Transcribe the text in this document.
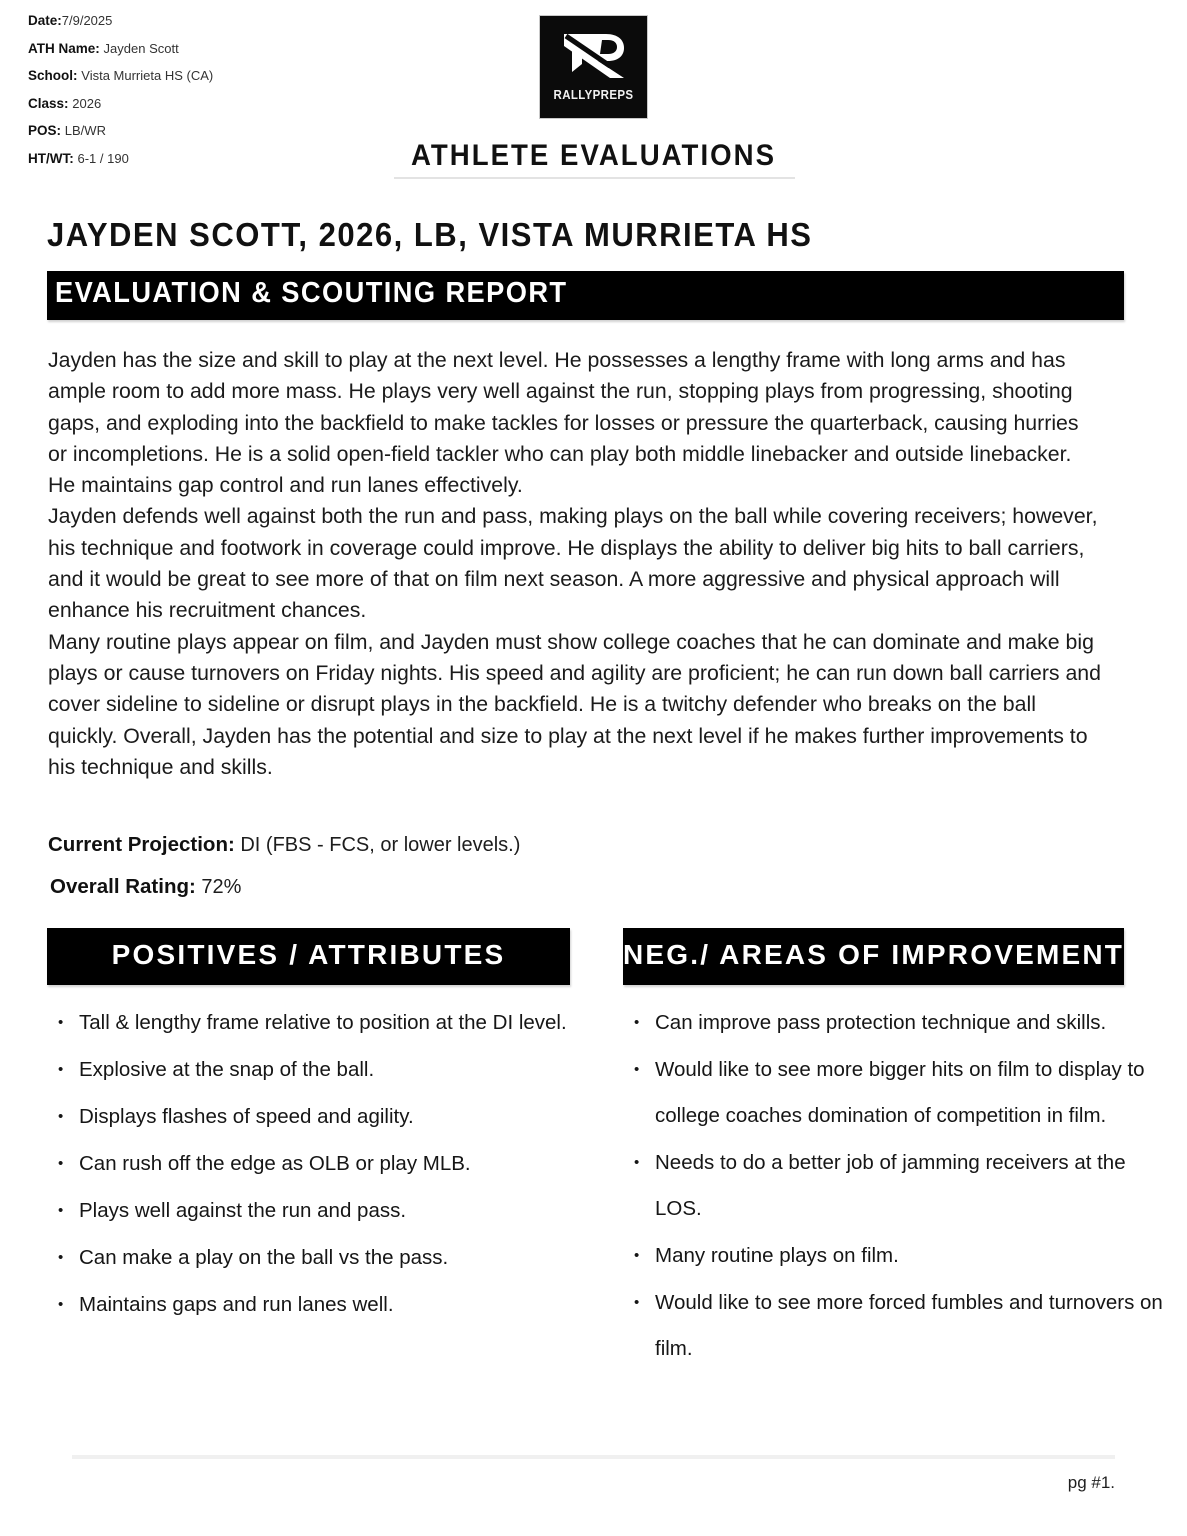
Date:7/9/2025
ATH Name: Jayden Scott
School: Vista Murrieta HS (CA)
Class: 2026
POS: LB/WR
HT/WT: 6-1 / 190
RALLYPREPS
ATHLETE EVALUATIONS
JAYDEN SCOTT, 2026, LB, VISTA MURRIETA HS
EVALUATION & SCOUTING REPORT

Jayden has the size and skill to play at the next level. He possesses a lengthy frame with long arms and has ample room to add more mass. He plays very well against the run, stopping plays from progressing, shooting gaps, and exploding into the backfield to make tackles for losses or pressure the quarterback, causing hurries or incompletions. He is a solid open-field tackler who can play both middle linebacker and outside linebacker. He maintains gap control and run lanes effectively.

Jayden defends well against both the run and pass, making plays on the ball while covering receivers; however, his technique and footwork in coverage could improve. He displays the ability to deliver big hits to ball carriers, and it would be great to see more of that on film next season. A more aggressive and physical approach will enhance his recruitment chances.

Many routine plays appear on film, and Jayden must show college coaches that he can dominate and make big plays or cause turnovers on Friday nights. His speed and agility are proficient; he can run down ball carriers and cover sideline to sideline or disrupt plays in the backfield. He is a twitchy defender who breaks on the ball quickly. Overall, Jayden has the potential and size to play at the next level if he makes further improvements to his technique and skills.

Current Projection: DI (FBS - FCS, or lower levels.)
Overall Rating: 72%
POSITIVES / ATTRIBUTES	NEG./ AREAS OF IMPROVEMENT
• Tall & lengthy frame relative to position at the DI level.
• Explosive at the snap of the ball.
• Displays flashes of speed and agility.
• Can rush off the edge as OLB or play MLB.
• Plays well against the run and pass.
• Can make a play on the ball vs the pass.
• Maintains gaps and run lanes well.
• Can improve pass protection technique and skills.
• Would like to see more bigger hits on film to display to college coaches domination of competition in film.
• Needs to do a better job of jamming receivers at the LOS.
• Many routine plays on film.
• Would like to see more forced fumbles and turnovers on film.
pg #1.
